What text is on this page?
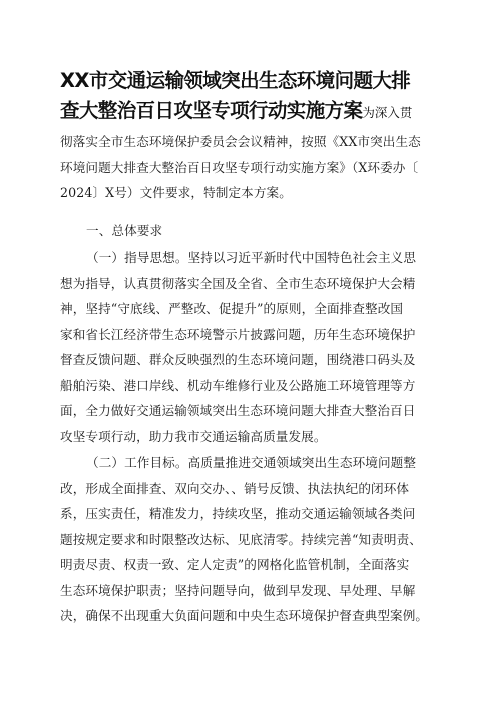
XX市交通运输领域突出生态环境问题大排
查大整治百日攻坚专项行动实施方案为深入贯
彻落实全市生态环境保护委员会会议精神，按照《XX市突出生态
环境问题大排查大整治百日攻坚专项行动实施方案》（X环委办〔
2024〕X号）文件要求，特制定本方案。
一、总体要求
（一）指导思想。坚持以习近平新时代中国特色社会主义思
想为指导，认真贯彻落实全国及全省、全市生态环境保护大会精
神，坚持“守底线、严整改、促提升”的原则，全面排查整改国
家和省长江经济带生态环境警示片披露问题，历年生态环境保护
督查反馈问题、群众反映强烈的生态环境问题，围绕港口码头及
船舶污染、港口岸线、机动车维修行业及公路施工环境管理等方
面，全力做好交通运输领域突出生态环境问题大排查大整治百日
攻坚专项行动，助力我市交通运输高质量发展。
（二）工作目标。高质量推进交通领域突出生态环境问题整
改，形成全面排查、双向交办、、销号反馈、执法执纪的闭环体
系，压实责任，精准发力，持续攻坚，推动交通运输领域各类问
题按规定要求和时限整改达标、见底清零。持续完善“知责明责、
明责尽责、权责一致、定人定责”的网格化监管机制，全面落实
生态环境保护职责；坚持问题导向，做到早发现、早处理、早解
决，确保不出现重大负面问题和中央生态环境保护督查典型案例。
